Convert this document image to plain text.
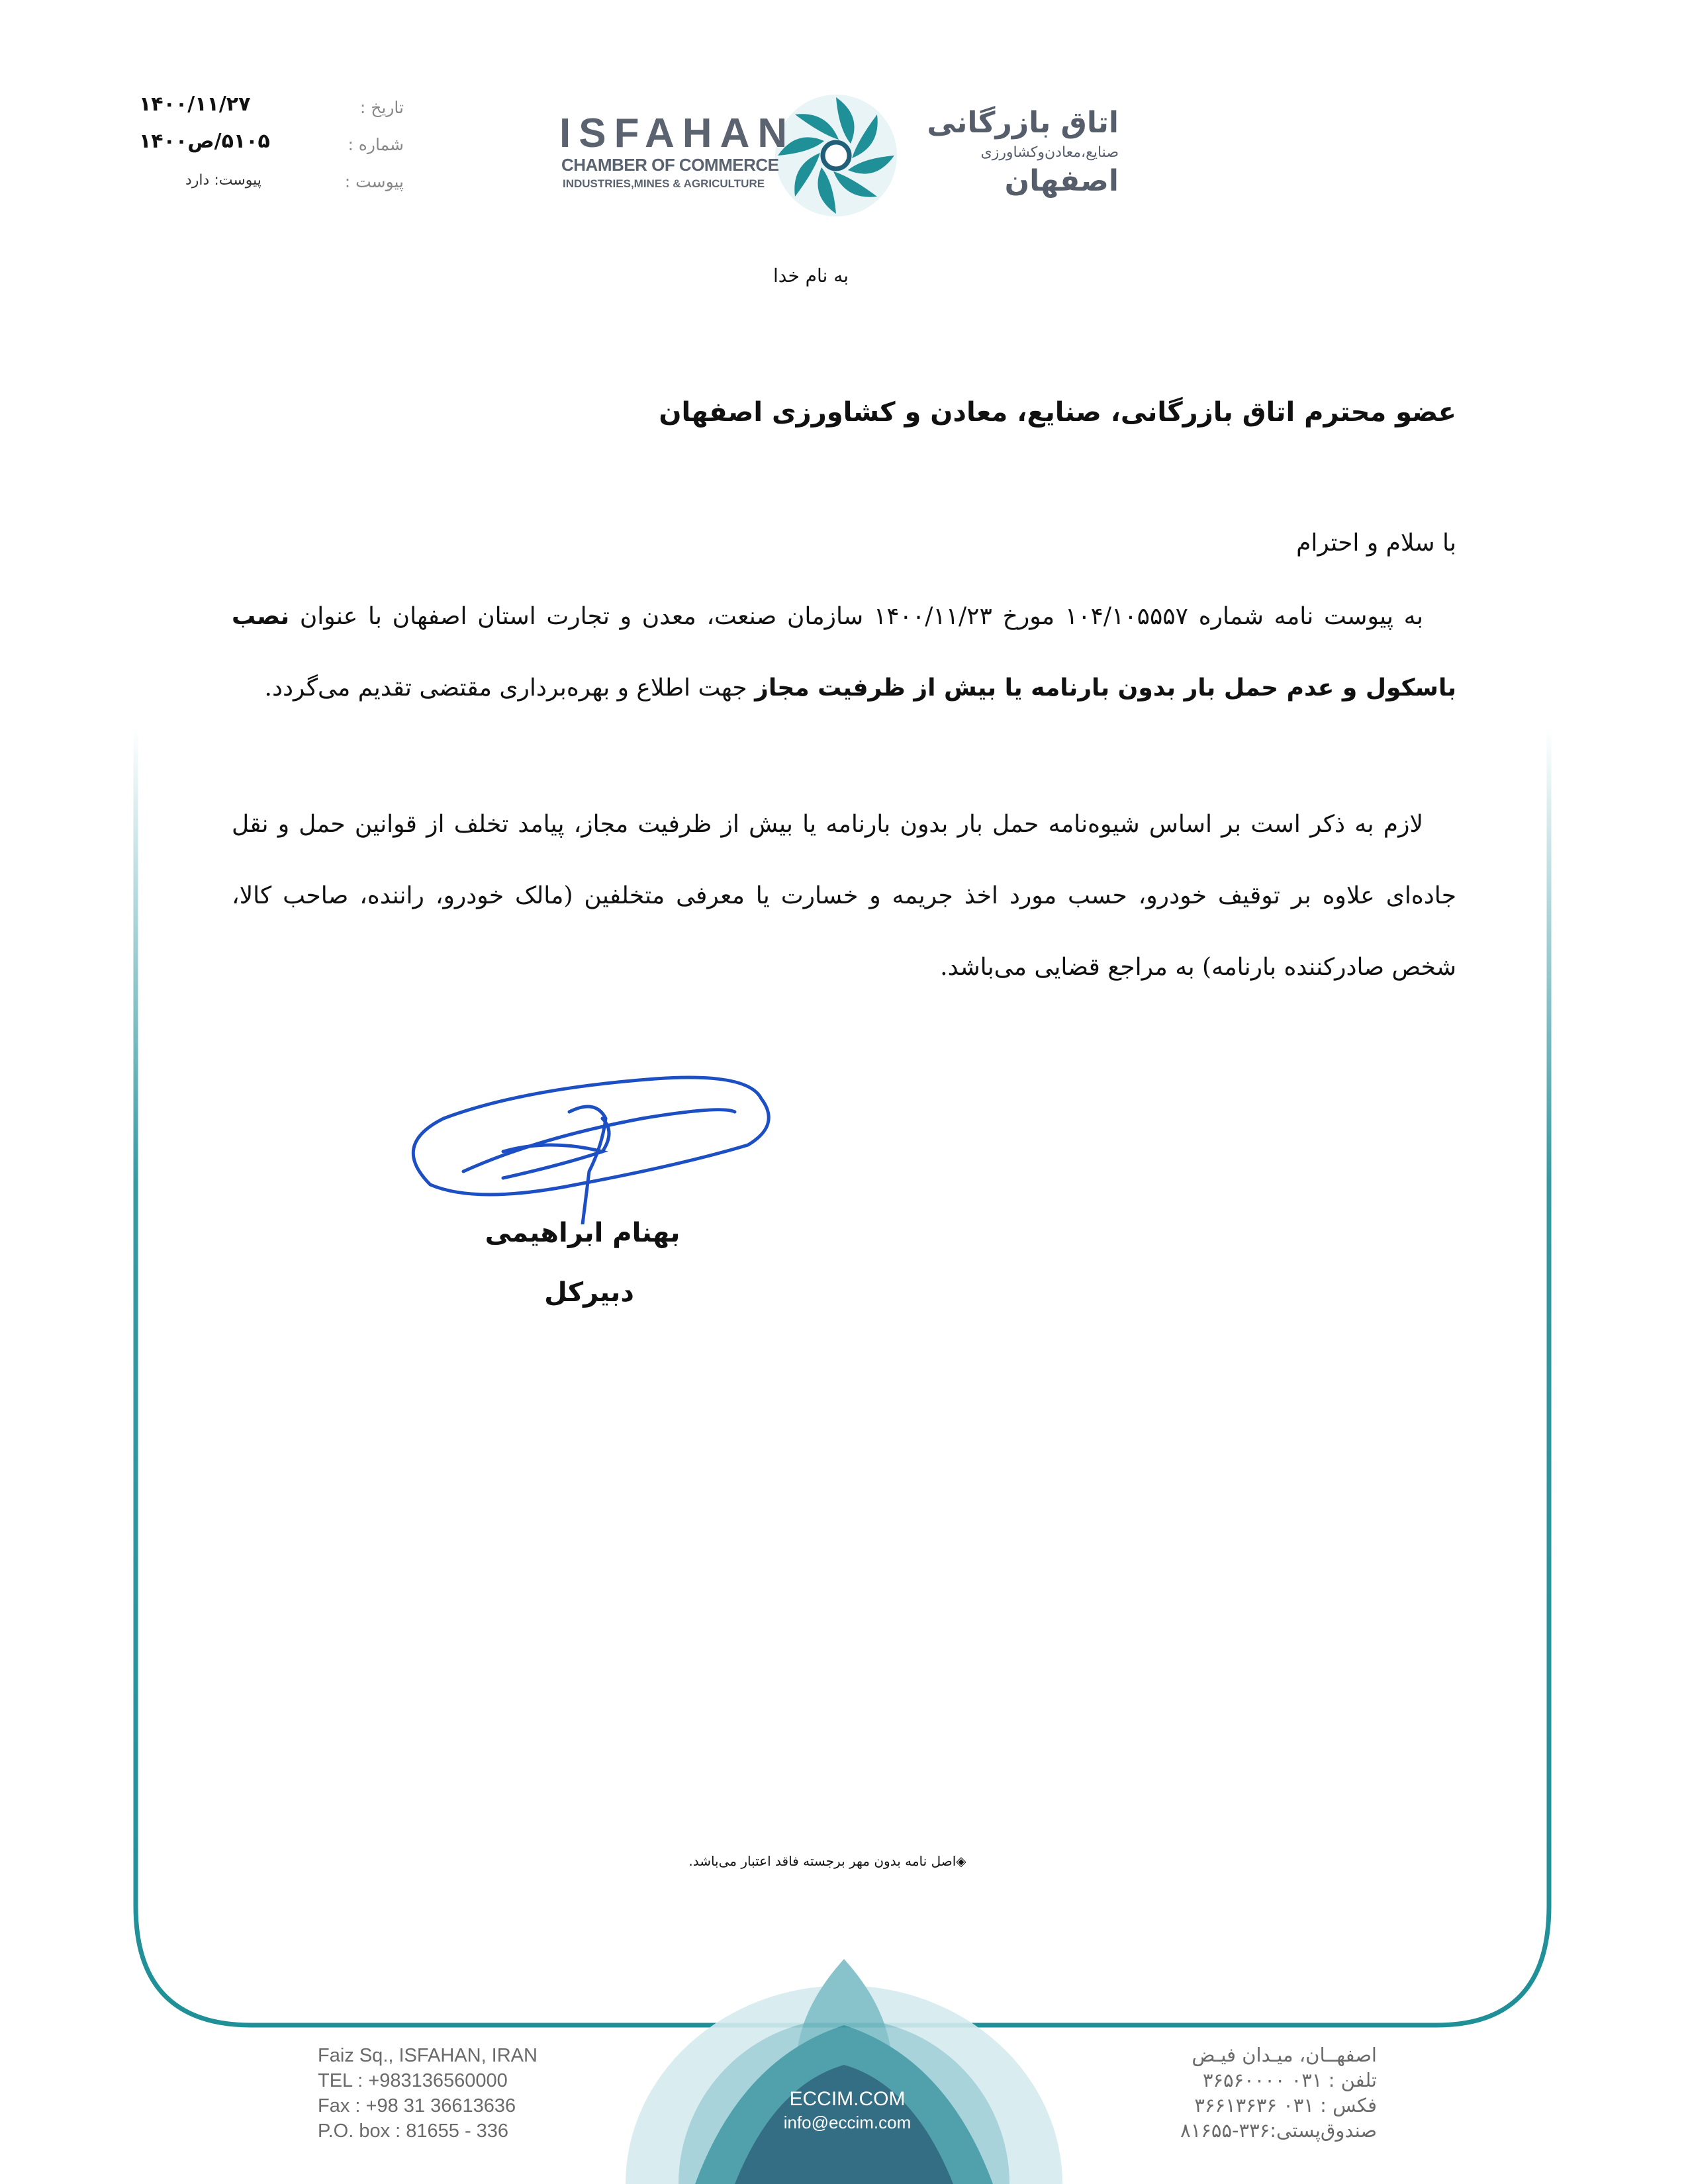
تاریخ :
۱۴۰۰/۱۱/۲۷
شماره :
۵۱۰۵/ص۱۴۰۰
پیوست :
پیوست: دارد
ISFAHAN
CHAMBER OF COMMERCE
INDUSTRIES,MINES & AGRICULTURE
اتاق بازرگانی
صنایع،معادن‌وکشاورزی
اصفهان
به نام خدا
عضو محترم اتاق بازرگانی، صنایع، معادن و کشاورزی اصفهان
با سلام و احترام
به پیوست نامه شماره ۱۰۴/۱۰۵۵۵۷ مورخ ۱۴۰۰/۱۱/۲۳ سازمان صنعت، معدن و تجارت استان اصفهان با عنوان نصب باسکول و عدم حمل بار بدون بارنامه یا بیش از ظرفیت مجاز جهت اطلاع و بهره‌برداری مقتضی تقدیم می‌گردد.
لازم به ذکر است بر اساس شیوه‌نامه حمل بار بدون بارنامه یا بیش از ظرفیت مجاز، پیامد تخلف از قوانین حمل و نقل جاده‌ای علاوه بر توقیف خودرو، حسب مورد اخذ جریمه و خسارت یا معرفی متخلفین (مالک خودرو، راننده، صاحب کالا، شخص صادرکننده بارنامه) به مراجع قضایی می‌باشد.
بهنام ابراهیمی
دبیرکل
◈اصل نامه بدون مهر برجسته فاقد اعتبار می‌باشد.
Faiz Sq., ISFAHAN, IRAN
TEL : +983136560000
Fax : +98 31 36613636
P.O. box : 81655 - 336
ECCIM.COM
info@eccim.com
اصفهــان، میـدان فیـض
تلفن : ۰۳۱ ۳۶۵۶۰۰۰۰
فکس : ۰۳۱ ۳۶۶۱۳۶۳۶
صندوق‌پستی:۳۳۶-۸۱۶۵۵
